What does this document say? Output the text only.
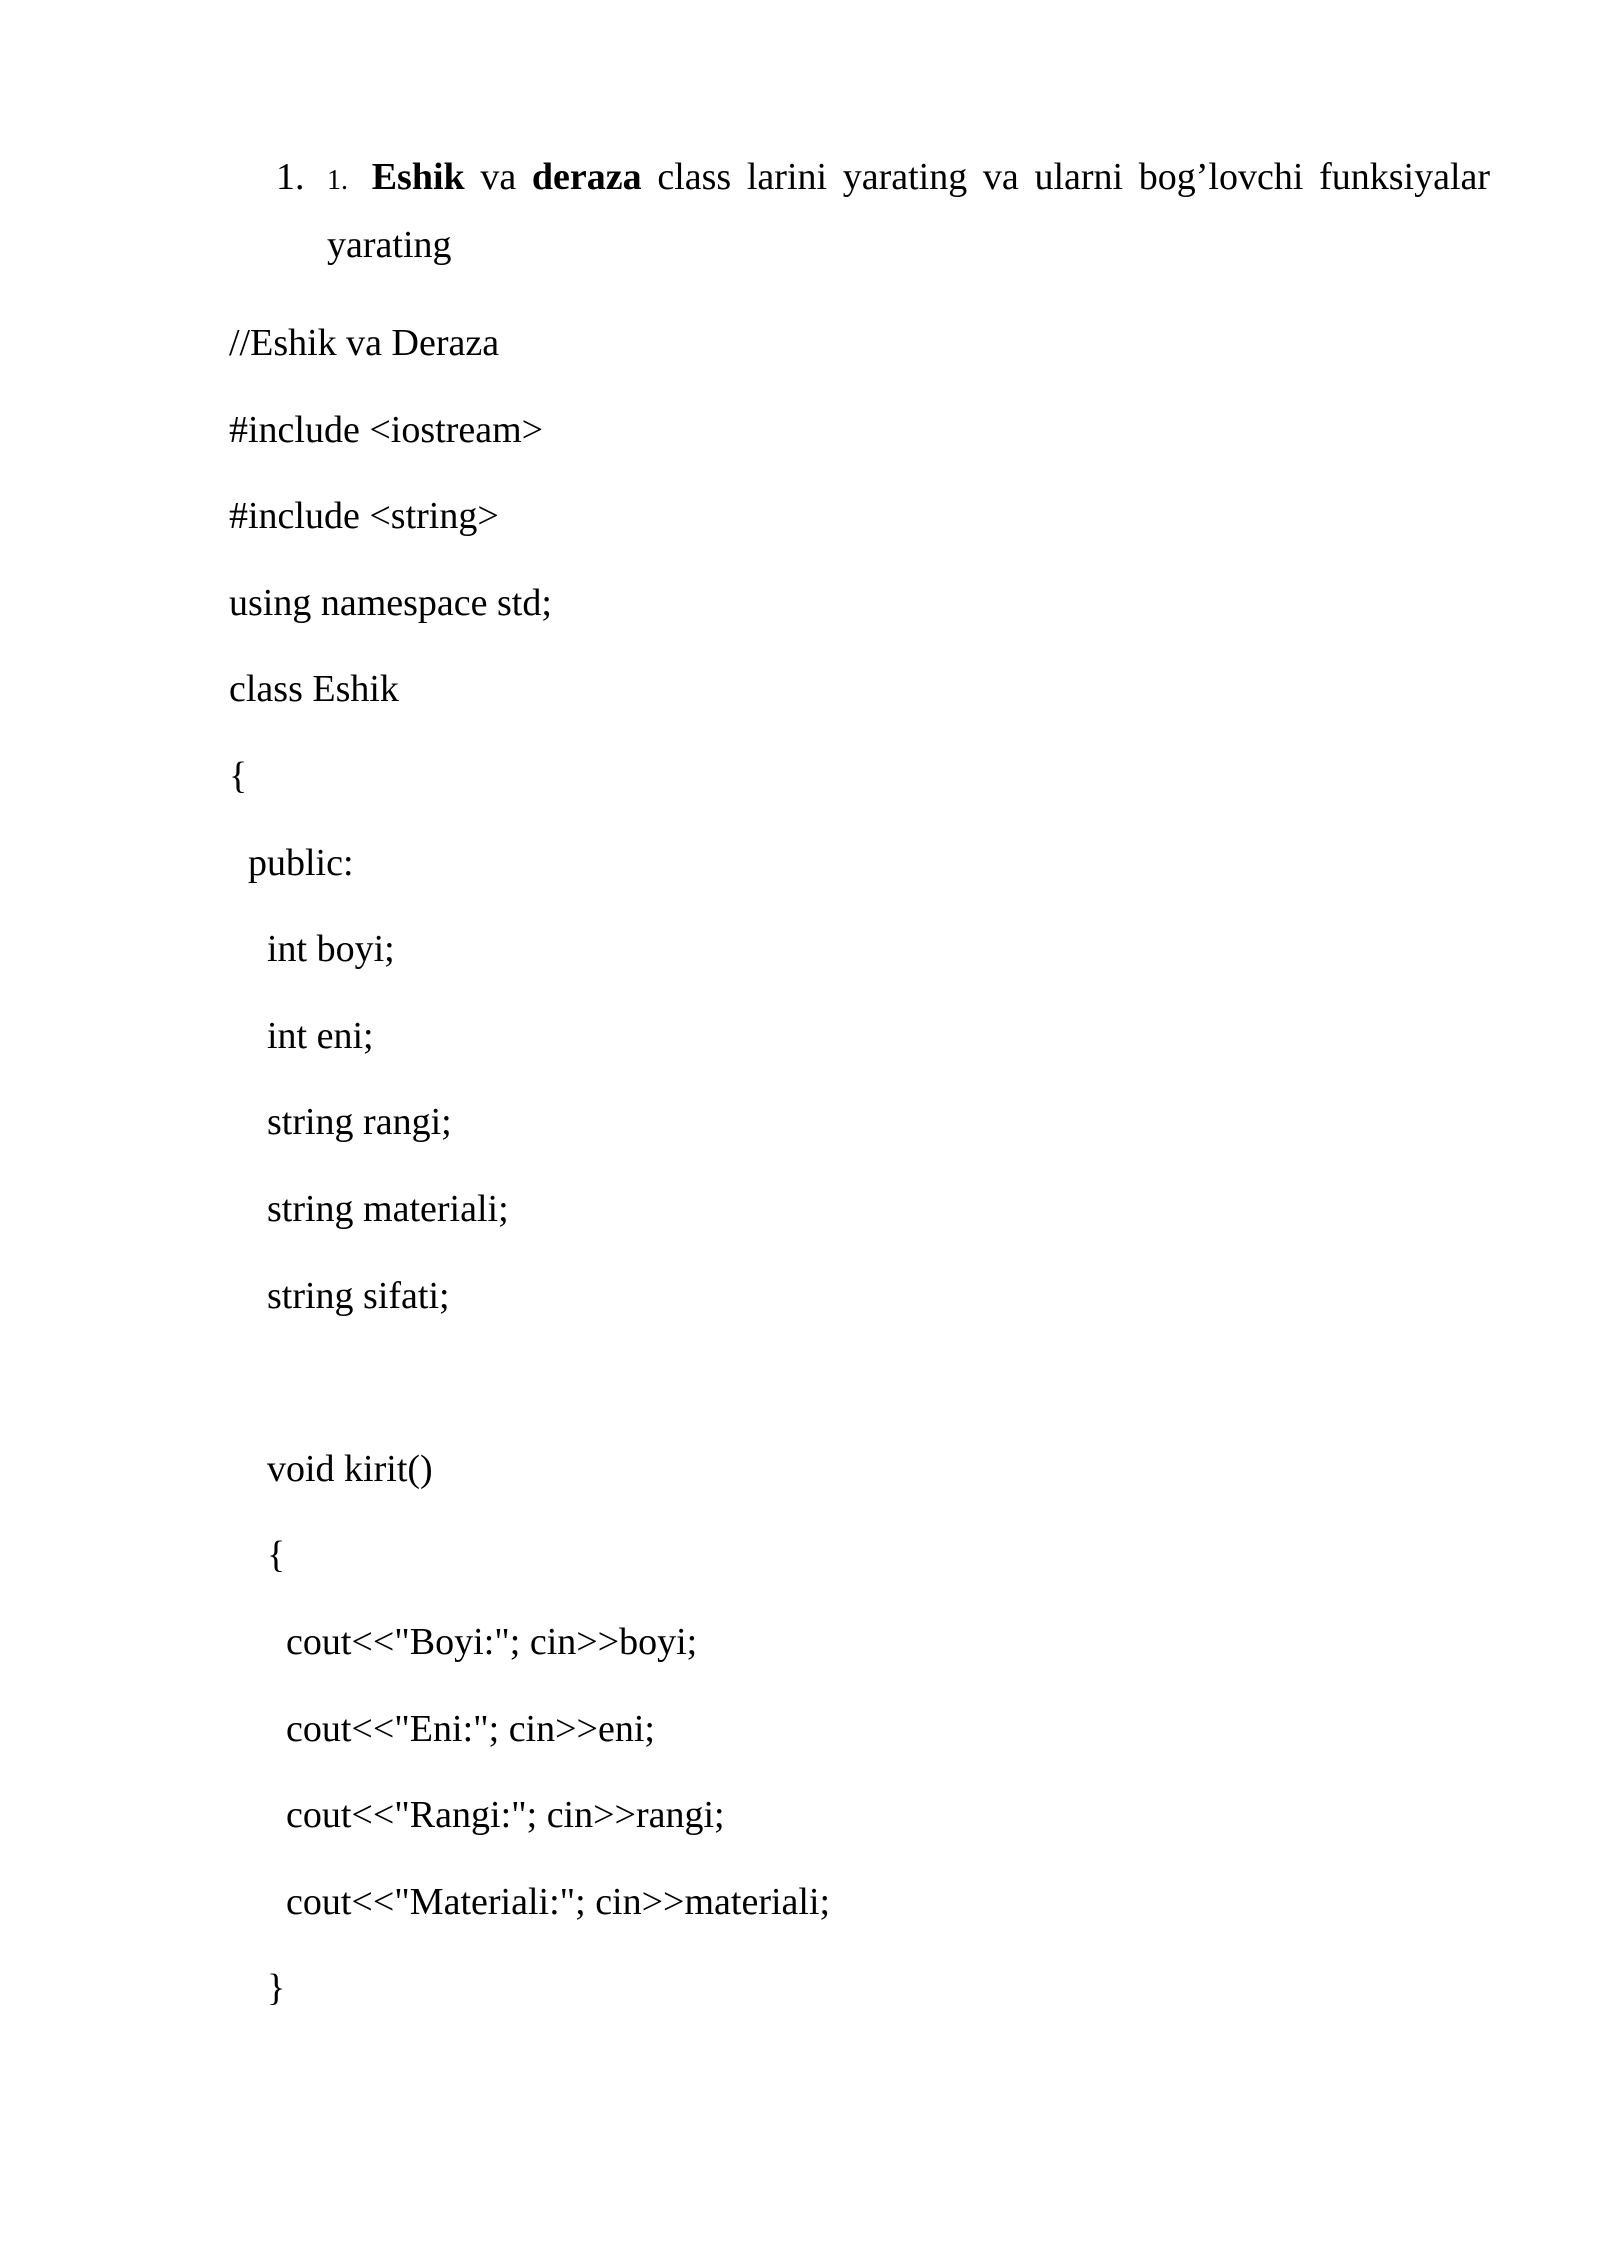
1. 1. Eshik va deraza class larini yarating va ularni bog’lovchi funksiyalar yarating
//Eshik va Deraza
#include <iostream>
#include <string>
using namespace std;
class Eshik
{
public:
int boyi;
int eni;
string rangi;
string materiali;
string sifati;
void kirit()
{
cout<<"Boyi:"; cin>>boyi;
cout<<"Eni:"; cin>>eni;
cout<<"Rangi:"; cin>>rangi;
cout<<"Materiali:"; cin>>materiali;
}
